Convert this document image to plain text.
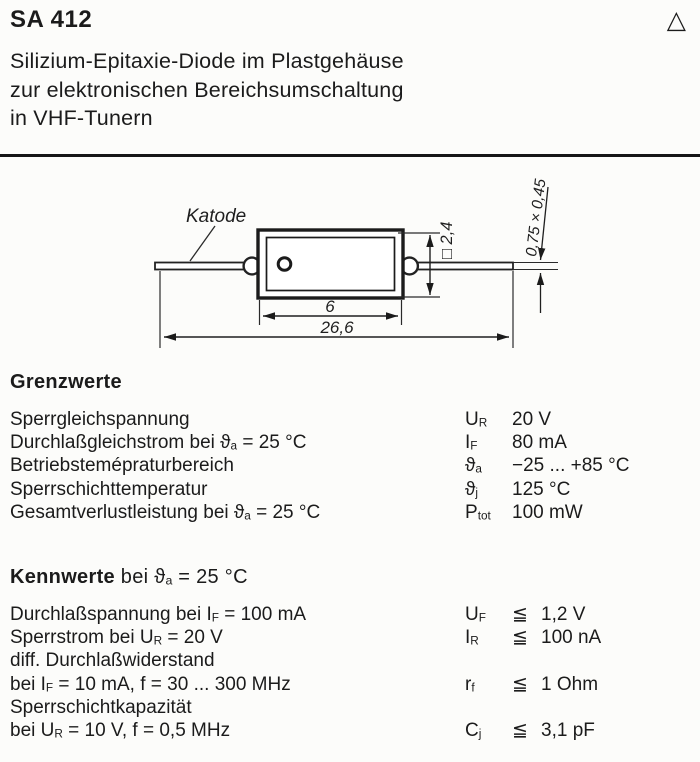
SA 412	△
Silizium-Epitaxie-Diode im Plastgehäuse
zur elektronischen Bereichsumschaltung
in VHF-Tunern
Katode
□ 2,4	0,75 × 0,45
6
26,6
Grenzwerte
Sperrgleichspannung	$U_R$	20 V
Durchlaßgleichstrom bei $ϑ_a = 25$ °C	$I_F$	80 mA
Betriebstemépraturbereich	$ϑ_a$	−25 ... +85 °C
Sperrschichttemperatur	$ϑ_j$	125 °C
Gesamtverlustleistung bei $ϑ_a = 25$ °C	$P_{tot}$	100 mW
Kennwerte bei $ϑ_a = 25$ °C
Durchlaßspannung bei $I_F = 100$ mA	$U_F$	≦ 1,2 V
Sperrstrom bei $U_R = 20$ V	$I_R$	≦ 100 nA
diff. Durchlaßwiderstand
bei $I_F = 10$ mA, f = 30 ... 300 MHz	$r_f$	≦ 1 Ohm
Sperrschichtkapazität
bei $U_R = 10$ V, f = 0,5 MHz	$C_j$	≦ 3,1 pF
